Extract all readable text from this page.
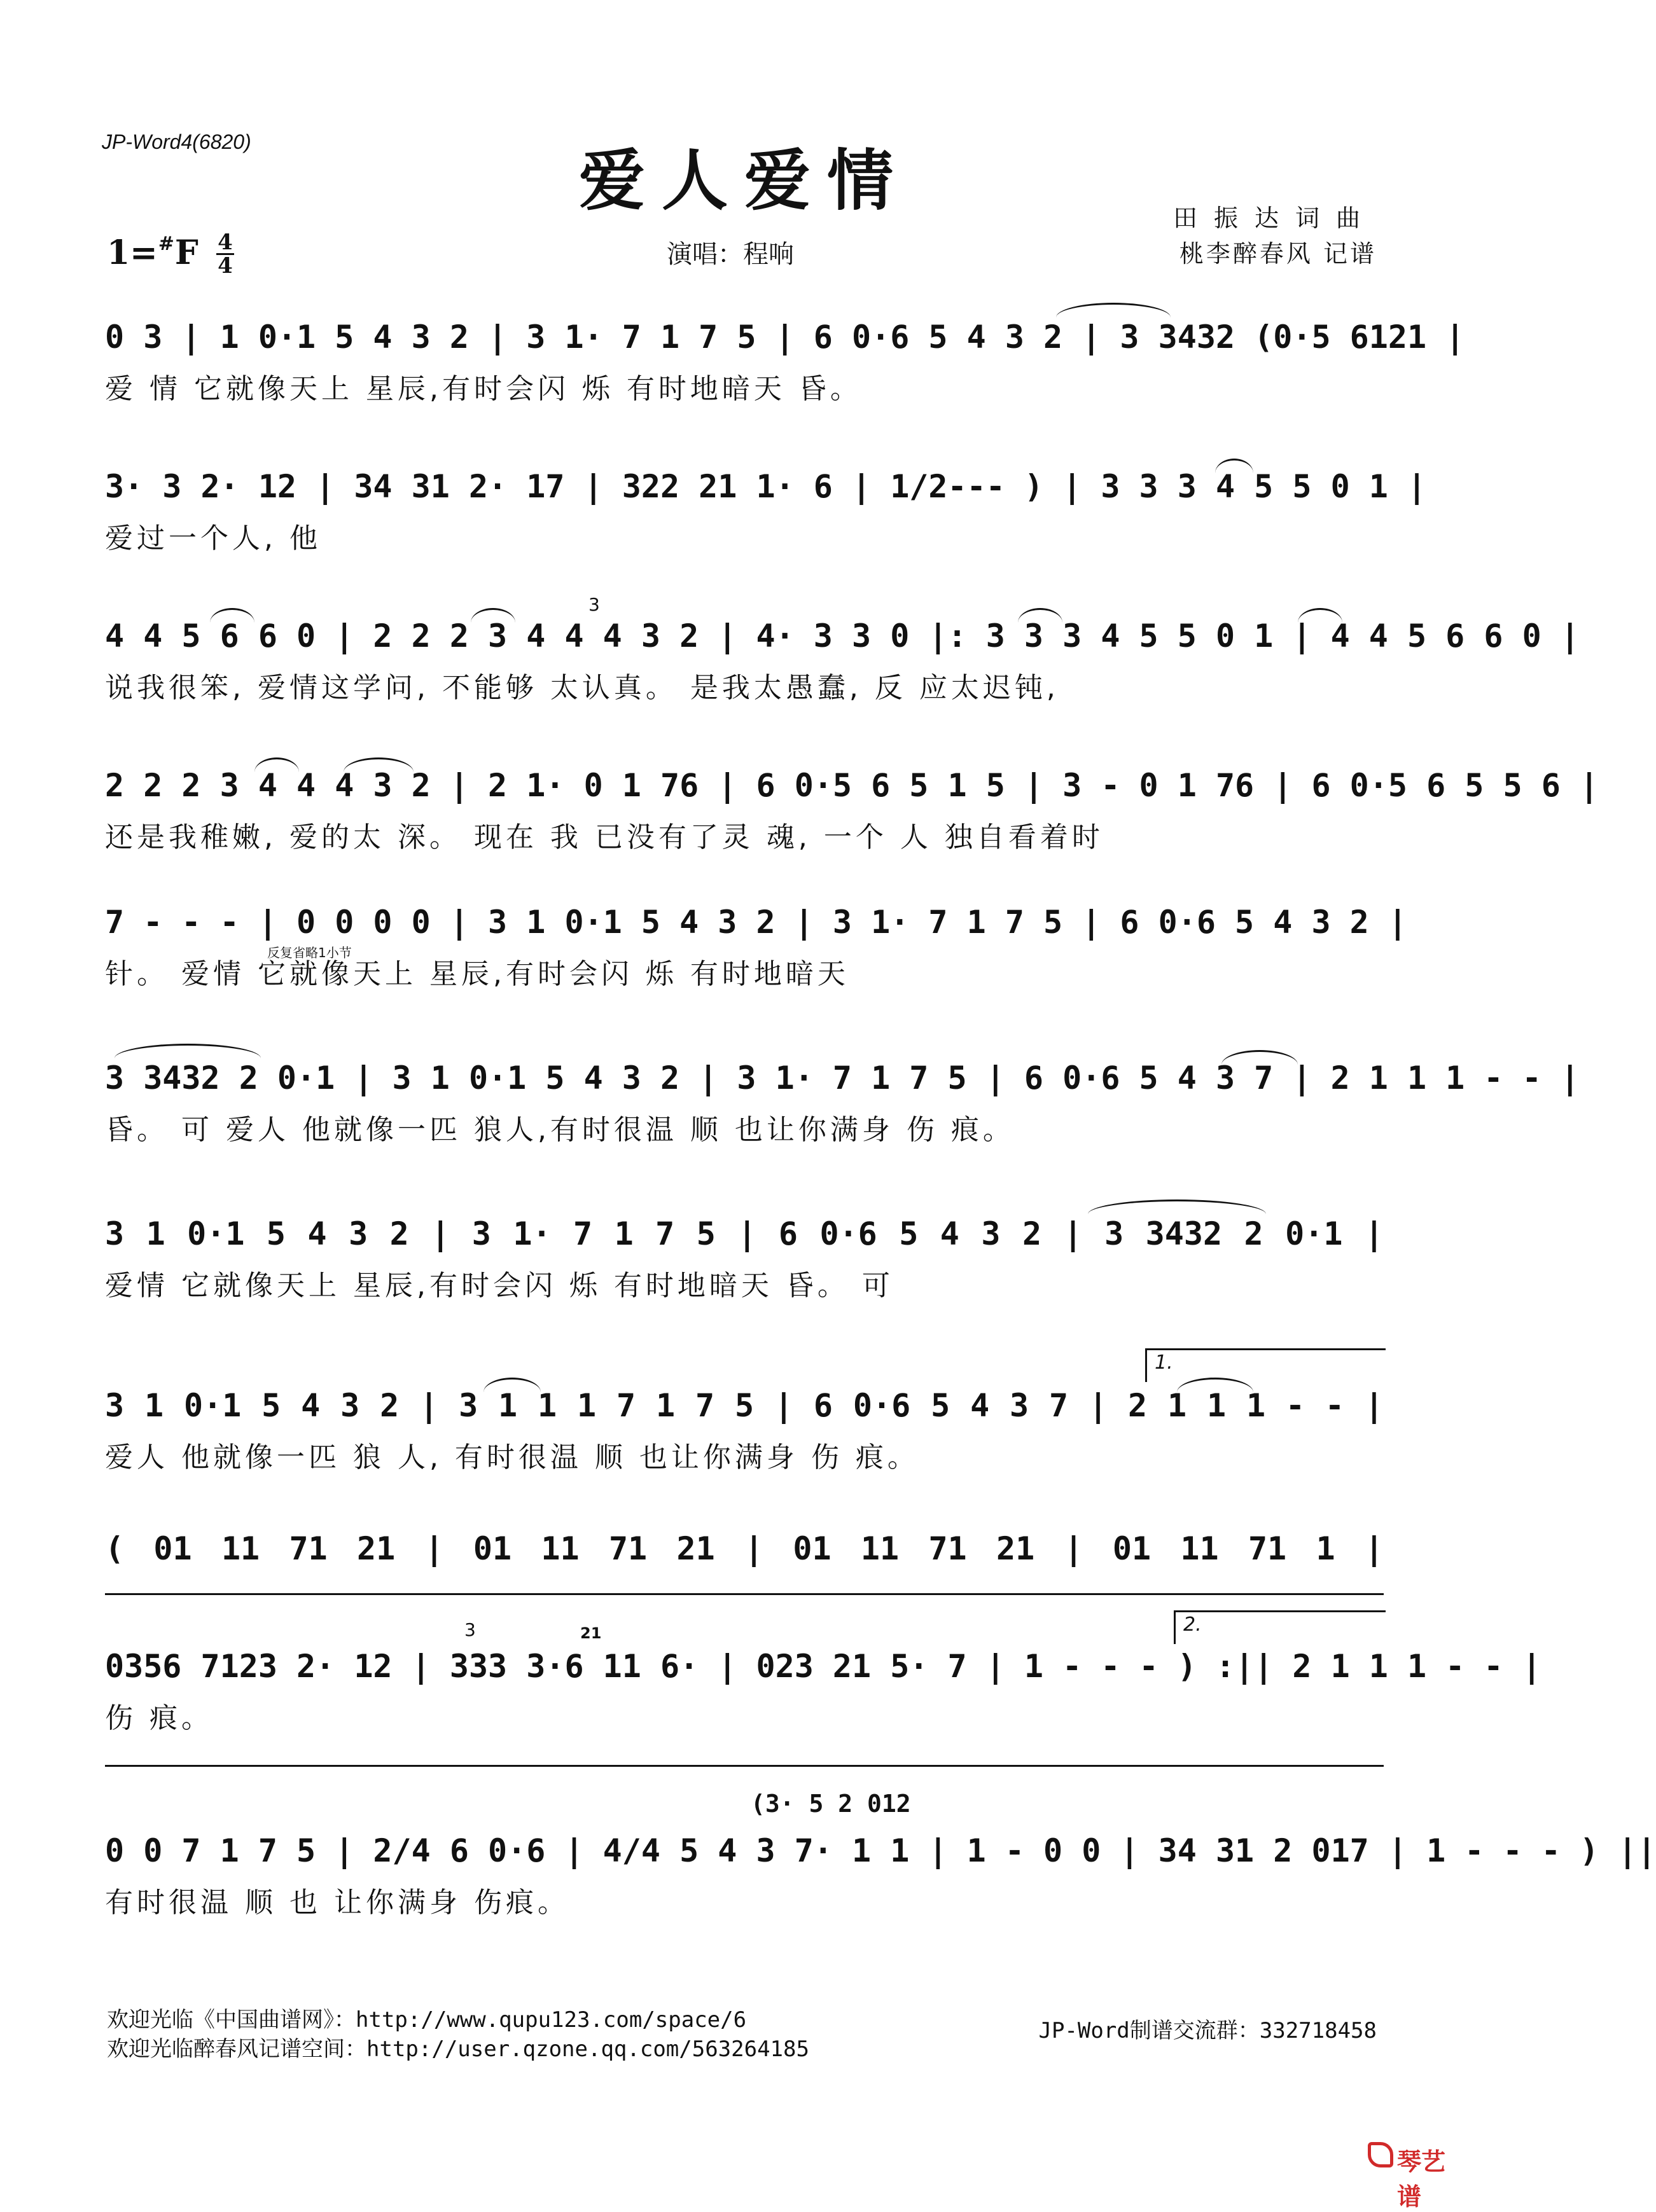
JP-Word4(6820)	爱人爱情	田振达词曲
桃李醉春风 记谱
演唱：程响
$1=^{\#}F \frac{4}{4}$
0 3 | 1 0·1 5 4 3 2 | 3 1· 7 1 7 5 | 6 0·6 5 4 3 2 | 3 3432 (0·5 6121 |
爱 情 它就像天上 星辰,有时会闪 烁 有时地暗天 昏。
3· 3 2· 12 | 34 31 2· 17 | 322 21 1· 6 | 1/2--- ) | 3 3 3 4 5 5 0 1 |
爱过一个人, 他
4 4 5 6 6 0 | 2 2 2 3 4 4 4 3 2 | 4· 3 3 0 |: 3 3 3 4 5 5 0 1 | 4 4 5 6 6 0 |
说我很笨, 爱情这学问, 不能够 太认真。 是我太愚蠢, 反 应太迟钝,
3
2 2 2 3 4 4 4 3 2 | 2 1· 0 1 76 | 6 0·5 6 5 1 5 | 3 - 0 1 76 | 6 0·5 6 5 5 6 |
还是我稚嫩, 爱的太 深。 现在 我 已没有了灵 魂, 一个 人 独自看着时
7 - - - | 0 0 0 0 | 3 1 0·1 5 4 3 2 | 3 1· 7 1 7 5 | 6 0·6 5 4 3 2 |
针。 爱情 它就像天上 星辰,有时会闪 烁 有时地暗天
反复省略1小节
3 3432 2 0·1 | 3 1 0·1 5 4 3 2 | 3 1· 7 1 7 5 | 6 0·6 5 4 3 7 | 2 1 1 1 - - |
昏。 可 爱人 他就像一匹 狼人,有时很温 顺 也让你满身 伤 痕。
3 1 0·1 5 4 3 2 | 3 1· 7 1 7 5 | 6 0·6 5 4 3 2 | 3 3432 2 0·1 |
爱情 它就像天上 星辰,有时会闪 烁 有时地暗天 昏。 可
1.
3 1 0·1 5 4 3 2 | 3 1 1 1 7 1 7 5 | 6 0·6 5 4 3 7 | 2 1 1 1 - - |
爱人 他就像一匹 狼 人, 有时很温 顺 也让你满身 伤 痕。
( 01 11 71 21 | 01 11 71 21 | 01 11 71 21 | 01 11 71 1 |
2.
3	21
0356 7123 2· 12 | 333 3·6 11 6· | 023 21 5· 7 | 1 - - - ) :|| 2 1 1 1 - - |
伤 痕。
(3· 5 2 012
0 0 7 1 7 5 | 2/4 6 0·6 | 4/4 5 4 3 7· 1 1 | 1 - 0 0 | 34 31 2 017 | 1 - - - ) ||
有时很温 顺 也 让你满身 伤痕。
欢迎光临《中国曲谱网》：http://www.qupu123.com/space/6
欢迎光临醉春风记谱空间：http://user.qzone.qq.com/563264185
JP-Word制谱交流群：332718458
琴艺谱
